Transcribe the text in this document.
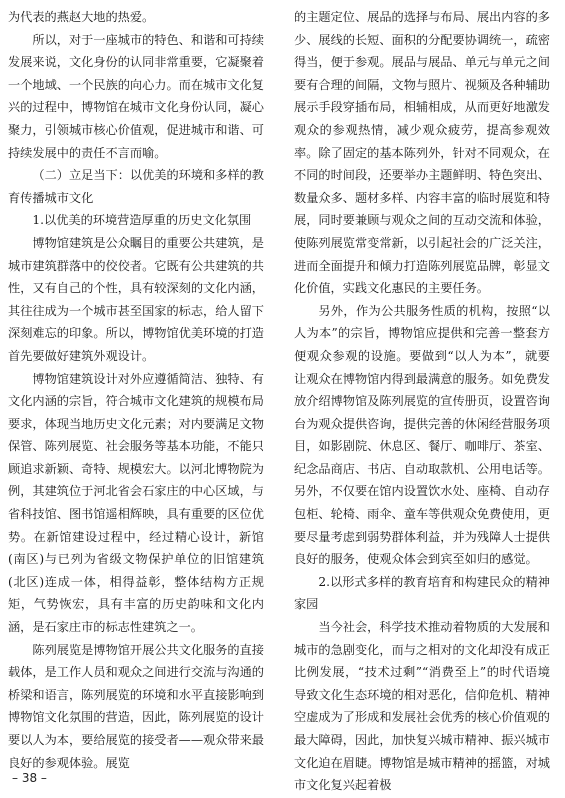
为代表的燕赵大地的热爱。

所以，对于一座城市的特色、和谐和可持续发展来说，文化身份的认同非常重要，它凝聚着一个地域、一个民族的向心力。而在城市文化复兴的过程中，博物馆在城市文化身份认同，凝心聚力，引领城市核心价值观，促进城市和谐、可持续发展中的责任不言而喻。

（二）立足当下：以优美的环境和多样的教育传播城市文化

1.以优美的环境营造厚重的历史文化氛围

博物馆建筑是公众瞩目的重要公共建筑，是城市建筑群落中的佼佼者。它既有公共建筑的共性，又有自己的个性，具有较深刻的文化内涵，其往往成为一个城市甚至国家的标志，给人留下深刻难忘的印象。所以，博物馆优美环境的打造首先要做好建筑外观设计。

博物馆建筑设计对外应遵循简洁、独特、有文化内涵的宗旨，符合城市文化建筑的规模布局要求，体现当地历史文化元素；对内要满足文物保管、陈列展览、社会服务等基本功能，不能只顾追求新颖、奇特、规模宏大。以河北博物院为例，其建筑位于河北省会石家庄的中心区域，与省科技馆、图书馆遥相辉映，具有重要的区位优势。在新馆建设过程中，经过精心设计，新馆(南区)与已列为省级文物保护单位的旧馆建筑(北区)连成一体，相得益彰，整体结构方正规矩，气势恢宏，具有丰富的历史韵味和文化内涵，是石家庄市的标志性建筑之一。

陈列展览是博物馆开展公共文化服务的直接载体，是工作人员和观众之间进行交流与沟通的桥梁和语言，陈列展览的环境和水平直接影响到博物馆文化氛围的营造，因此，陈列展览的设计要以人为本，要给展览的接受者——观众带来最良好的参观体验。展览

的主题定位、展品的选择与布局、展出内容的多少、展线的长短、面积的分配要协调统一，疏密得当，便于参观。展品与展品、单元与单元之间要有合理的间隔，文物与照片、视频及各种辅助展示手段穿插布局，相辅相成，从而更好地激发观众的参观热情，减少观众疲劳，提高参观效率。除了固定的基本陈列外，针对不同观众，在不同的时间段，还要举办主题鲜明、特色突出、数量众多、题材多样、内容丰富的临时展览和特展，同时要兼顾与观众之间的互动交流和体验，使陈列展览常变常新，以引起社会的广泛关注，进而全面提升和倾力打造陈列展览品牌，彰显文化价值，实践文化惠民的主要任务。

另外，作为公共服务性质的机构，按照“以人为本”的宗旨，博物馆应提供和完善一整套方便观众参观的设施。要做到“以人为本”，就要让观众在博物馆内得到最满意的服务。如免费发放介绍博物馆及陈列展览的宣传册页，设置咨询台为观众提供咨询，提供完善的休闲经营服务项目，如影剧院、休息区、餐厅、咖啡厅、茶室、纪念品商店、书店、自动取款机、公用电话等。另外，不仅要在馆内设置饮水处、座椅、自动存包柜、轮椅、雨伞、童车等供观众免费使用，更要尽量考虑到弱势群体利益，并为残障人士提供良好的服务，使观众体会到宾至如归的感觉。

2.以形式多样的教育培育和构建民众的精神家园

当今社会，科学技术推动着物质的大发展和城市的急剧变化，而与之相对的文化却没有成正比例发展，“技术过剩”“消费至上”的时代语境导致文化生态环境的相对恶化，信仰危机、精神空虚成为了形成和发展社会优秀的核心价值观的最大障碍，因此，加快复兴城市精神、振兴城市文化迫在眉睫。博物馆是城市精神的摇篮，对城市文化复兴起着极

– 38 –
